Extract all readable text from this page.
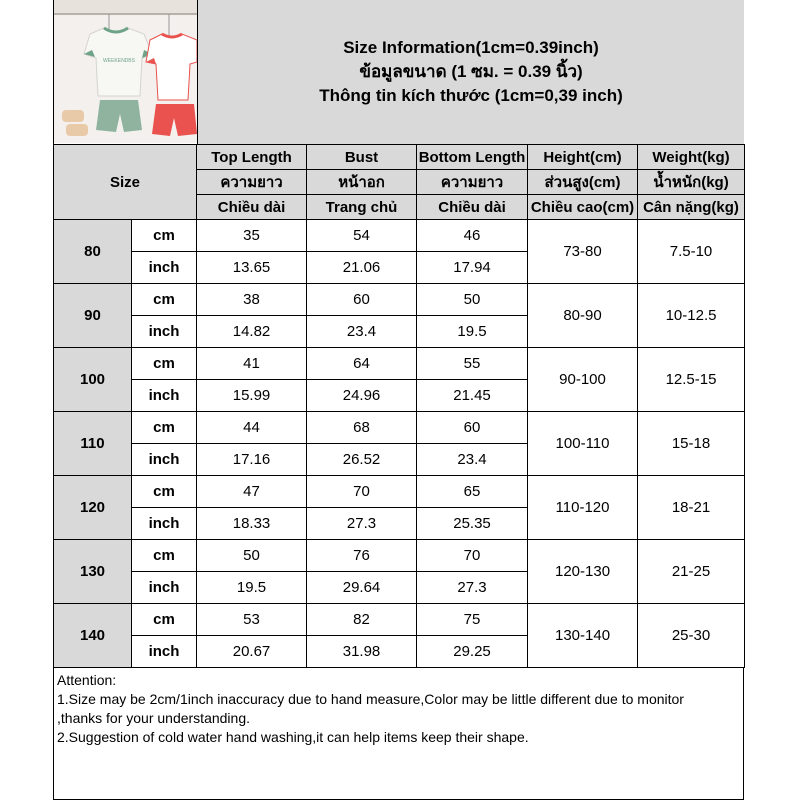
WEEKENDBS
Size Information(1cm=0.39inch)
ข้อมูลขนาด (1 ซม. = 0.39 นิ้ว)
Thông tin kích thước (1cm=0,39 inch)
Size		Top Length	Bust	Bottom Length	Height(cm)	Weight(kg)
		ความยาว	หน้าอก	ความยาว	ส่วนสูง(cm)	น้ำหนัก(kg)
		Chiều dài	Trang chủ	Chiều dài	Chiều cao(cm)	Cân nặng(kg)
80	cm	35	54	46	73-80	7.5-10
	inch	13.65	21.06	17.94		
90	cm	38	60	50	80-90	10-12.5
	inch	14.82	23.4	19.5		
100	cm	41	64	55	90-100	12.5-15
	inch	15.99	24.96	21.45		
110	cm	44	68	60	100-110	15-18
	inch	17.16	26.52	23.4		
120	cm	47	70	65	110-120	18-21
	inch	18.33	27.3	25.35		
130	cm	50	76	70	120-130	21-25
	inch	19.5	29.64	27.3		
140	cm	53	82	75	130-140	25-30
	inch	20.67	31.98	29.25		
Attention:
1.Size may be 2cm/1inch inaccuracy due to hand measure,Color may be little different due to monitor
,thanks for your understanding.
2.Suggestion of cold water hand washing,it can help items keep their shape.
